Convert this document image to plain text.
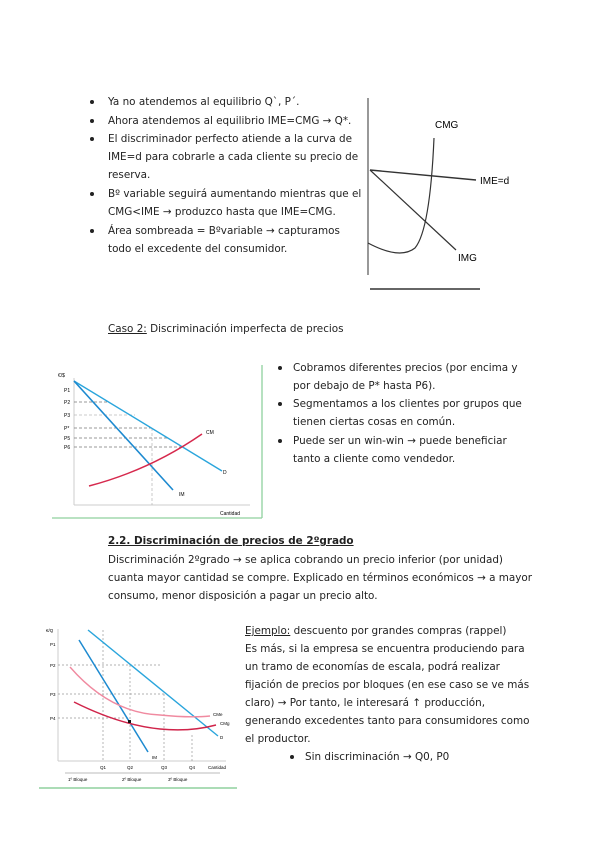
Ya no atendemos al equilibrio Q`, P´.
Ahora atendemos al equilibrio IME=CMG → Q*.
El discriminador perfecto atiende a la curva de
IME=d para cobrarle a cada cliente su precio de
reserva.
Bº variable seguirá aumentando mientras que el
CMG<IME → produzco hasta que IME=CMG.
Área sombreada = Bºvariable → capturamos
todo el excedente del consumidor.
CMG
IME=d
IMG
Caso 2: Discriminación imperfecta de precios
€/$
P1
P2
P3
P*
P5
P6
CM
D
IM
Cantidad
Cobramos diferentes precios (por encima y
por debajo de P* hasta P6).
Segmentamos a los clientes por grupos que
tienen ciertas cosas en común.
Puede ser un win-win → puede beneficiar
tanto a cliente como vendedor.
2.2. Discriminación de precios de 2ºgrado
Discriminación 2ºgrado → se aplica cobrando un precio inferior (por unidad)
cuanta mayor cantidad se compre. Explicado en términos económicos → a mayor
consumo, menor disposición a pagar un precio alto.
€/Q
P1
P2
P3
P4
Q1	Q2	Q3	Q4	Cantidad
CMe
CMg
D
IM
1º Bloque	2º Bloque	3º Bloque
Ejemplo: descuento por grandes compras (rappel)
Es más, si la empresa se encuentra produciendo para
un tramo de economías de escala, podrá realizar
fijación de precios por bloques (en ese caso se ve más
claro) → Por tanto, le interesará ↑ producción,
generando excedentes tanto para consumidores como
el productor.
Sin discriminación → Q0, P0
